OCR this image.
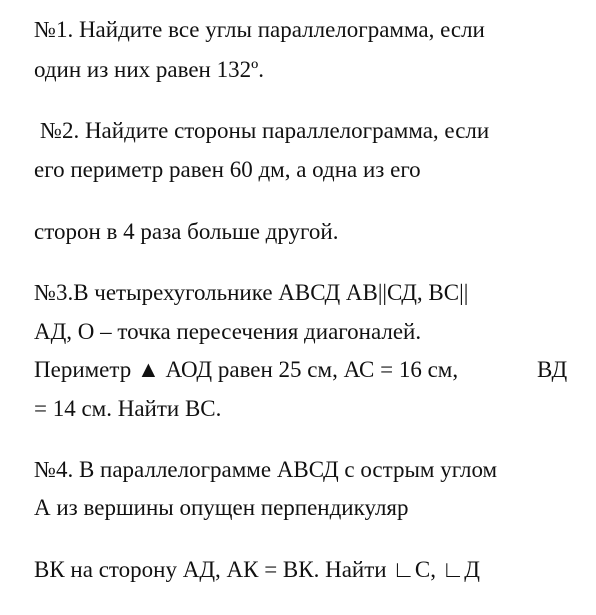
№1. Найдите все углы параллелограмма, если
один из них равен 132º.
№2. Найдите стороны параллелограмма, если
его периметр равен 60 дм, а одна из его
сторон в 4 раза больше другой.
№3.В четырехугольнике АВСД АВ||СД, ВС||
АД, О – точка пересечения диагоналей.
Периметр ▲ АОД равен 25 см, АС = 16 см,	ВД
= 14 см. Найти ВС.
№4. В параллелограмме АВСД с острым углом
А из вершины опущен перпендикуляр
ВК на сторону АД, АК = ВК. Найти ∟С, ∟Д
